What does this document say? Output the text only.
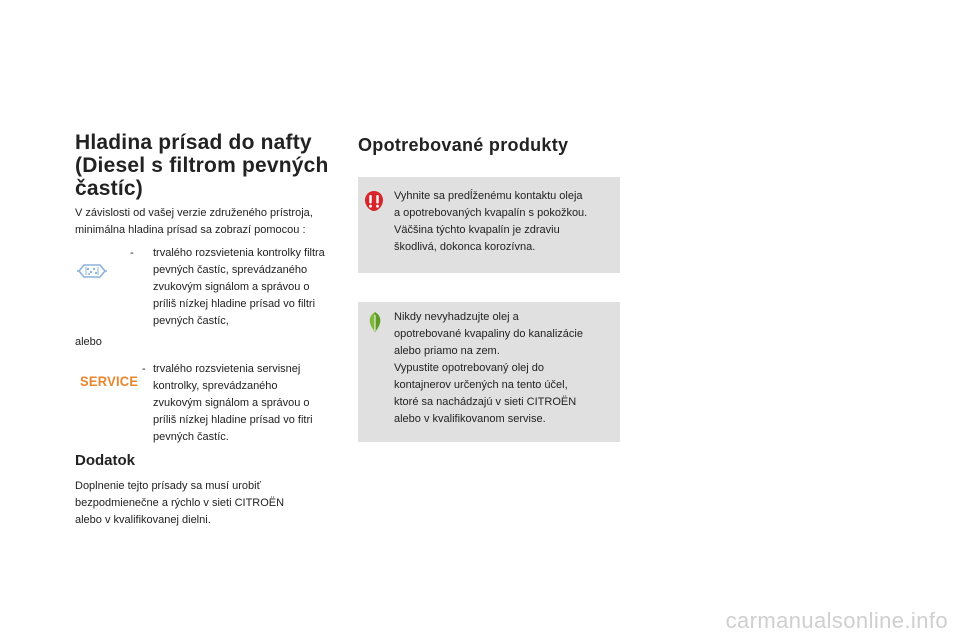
Hladina prísad do nafty
(Diesel s filtrom pevných
častíc)
V závislosti od vašej verzie združeného prístroja,
minimálna hladina prísad sa zobrazí pomocou :
- trvalého rozsvietenia kontrolky filtra
pevných častíc, sprevádzaného
zvukovým signálom a správou o
príliš nízkej hladine prísad vo filtri
pevných častíc,
alebo
SERVICE
- trvalého rozsvietenia servisnej
kontrolky, sprevádzaného
zvukovým signálom a správou o
príliš nízkej hladine prísad vo fitri
pevných častíc.
Dodatok
Doplnenie tejto prísady sa musí urobiť
bezpodmienečne a rýchlo v sieti CITROËN
alebo v kvalifikovanej dielni.
Opotrebované produkty
Vyhnite sa predĺženému kontaktu oleja
a opotrebovaných kvapalín s pokožkou.
Väčšina týchto kvapalín je zdraviu
škodlivá, dokonca korozívna.
Nikdy nevyhadzujte olej a
opotrebované kvapaliny do kanalizácie
alebo priamo na zem.
Vypustite opotrebovaný olej do
kontajnerov určených na tento účel,
ktoré sa nachádzajú v sieti CITROËN
alebo v kvalifikovanom servise.
carmanualsonline.info
